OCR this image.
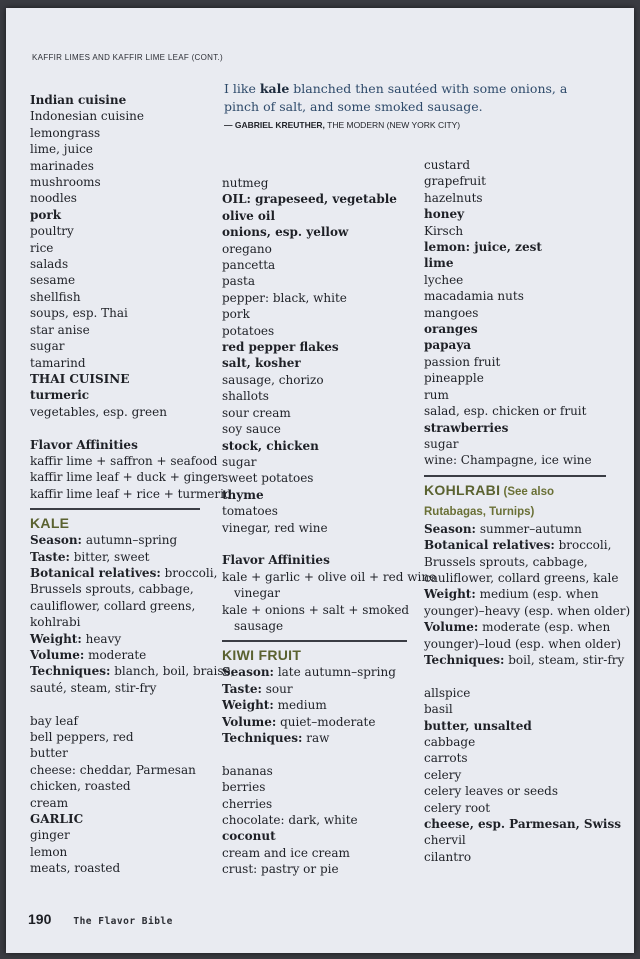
KAFFIR LIMES AND KAFFIR LIME LEAF (CONT.)
I like kale blanched then sautéed with some onions, a pinch of salt, and some smoked sausage.
— GABRIEL KREUTHER, THE MODERN (NEW YORK CITY)
Indian cuisine
Indonesian cuisine
lemongrass
lime, juice
marinades
mushrooms
noodles
pork
poultry
rice
salads
sesame
shellfish
soups, esp. Thai
star anise
sugar
tamarind
THAI CUISINE
turmeric
vegetables, esp. green
Flavor Affinities
kaffir lime + saffron + seafood
kaffir lime leaf + duck + ginger
kaffir lime leaf + rice + turmeric
KALE
Season: autumn–spring
Taste: bitter, sweet
Botanical relatives: broccoli,
Brussels sprouts, cabbage,
cauliflower, collard greens,
kohlrabi
Weight: heavy
Volume: moderate
Techniques: blanch, boil, braise,
sauté, steam, stir-fry
bay leaf
bell peppers, red
butter
cheese: cheddar, Parmesan
chicken, roasted
cream
GARLIC
ginger
lemon
meats, roasted
nutmeg
OIL: grapeseed, vegetable
olive oil
onions, esp. yellow
oregano
pancetta
pasta
pepper: black, white
pork
potatoes
red pepper flakes
salt, kosher
sausage, chorizo
shallots
sour cream
soy sauce
stock, chicken
sugar
sweet potatoes
thyme
tomatoes
vinegar, red wine
Flavor Affinities
kale + garlic + olive oil + red wine
vinegar
kale + onions + salt + smoked
sausage
KIWI FRUIT
Season: late autumn–spring
Taste: sour
Weight: medium
Volume: quiet–moderate
Techniques: raw
bananas
berries
cherries
chocolate: dark, white
coconut
cream and ice cream
crust: pastry or pie
custard
grapefruit
hazelnuts
honey
Kirsch
lemon: juice, zest
lime
lychee
macadamia nuts
mangoes
oranges
papaya
passion fruit
pineapple
rum
salad, esp. chicken or fruit
strawberries
sugar
wine: Champagne, ice wine
KOHLRABI (See also
Rutabagas, Turnips)
Season: summer–autumn
Botanical relatives: broccoli,
Brussels sprouts, cabbage,
cauliflower, collard greens, kale
Weight: medium (esp. when
younger)–heavy (esp. when older)
Volume: moderate (esp. when
younger)–loud (esp. when older)
Techniques: boil, steam, stir-fry
allspice
basil
butter, unsalted
cabbage
carrots
celery
celery leaves or seeds
celery root
cheese, esp. Parmesan, Swiss
chervil
cilantro
190 The Flavor Bible
